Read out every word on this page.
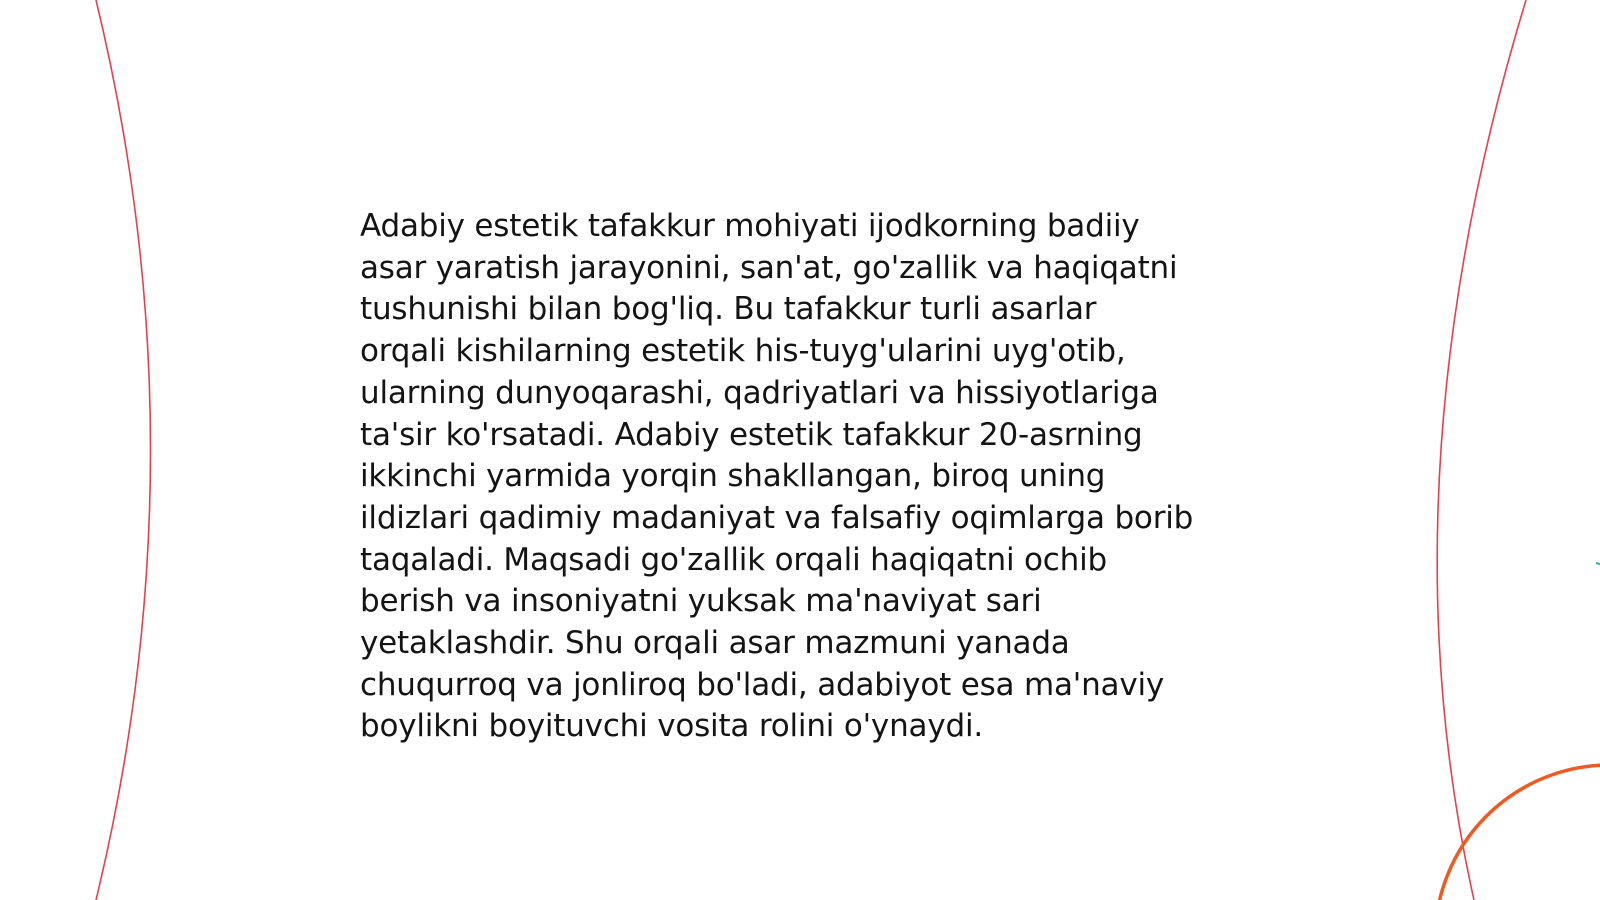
Adabiy estetik tafakkur mohiyati ijodkorning badiiy
asar yaratish jarayonini, san'at, go'zallik va haqiqatni
tushunishi bilan bog'liq. Bu tafakkur turli asarlar
orqali kishilarning estetik his-tuyg'ularini uyg'otib,
ularning dunyoqarashi, qadriyatlari va hissiyotlariga
ta'sir ko'rsatadi. Adabiy estetik tafakkur 20-asrning
ikkinchi yarmida yorqin shakllangan, biroq uning
ildizlari qadimiy madaniyat va falsafiy oqimlarga borib
taqaladi. Maqsadi go'zallik orqali haqiqatni ochib
berish va insoniyatni yuksak ma'naviyat sari
yetaklashdir. Shu orqali asar mazmuni yanada
chuqurroq va jonliroq bo'ladi, adabiyot esa ma'naviy
boylikni boyituvchi vosita rolini o'ynaydi.
